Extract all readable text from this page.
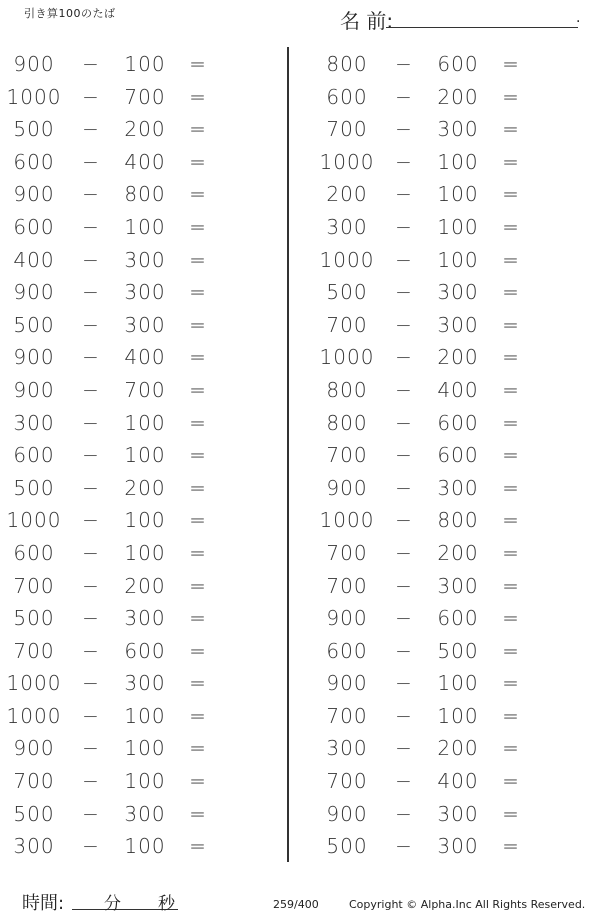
引き算100のたば	名 前:	.
900	− 100 =
1000 − 700 =
500	− 200 =
600	− 400 =
900	− 800 =
600	− 100 =
400	− 300 =
900	− 300 =
500	− 300 =
900	− 400 =
900	− 700 =
300	− 100 =
600	− 100 =
500	− 200 =
1000 − 100 =
600	− 100 =
700	− 200 =
500	− 300 =
700	− 600 =
1000 − 300 =
1000 − 100 =
900	− 100 =
700	− 100 =
500	− 300 =
300	− 100 =
800	− 600 =
600	− 200 =
700	− 300 =
1000 − 100 =
200	− 100 =
300	− 100 =
1000 − 100 =
500	− 300 =
700	− 300 =
1000 − 200 =
800	− 400 =
800	− 600 =
700	− 600 =
900	− 300 =
1000 − 800 =
700	− 200 =
700	− 300 =
900	− 600 =
600	− 500 =
900	− 100 =
700	− 100 =
300	− 200 =
700	− 400 =
900	− 300 =
500	− 300 =
時間: 分 秒	259/400	Copyright © Alpha.Inc All Rights Reserved.
